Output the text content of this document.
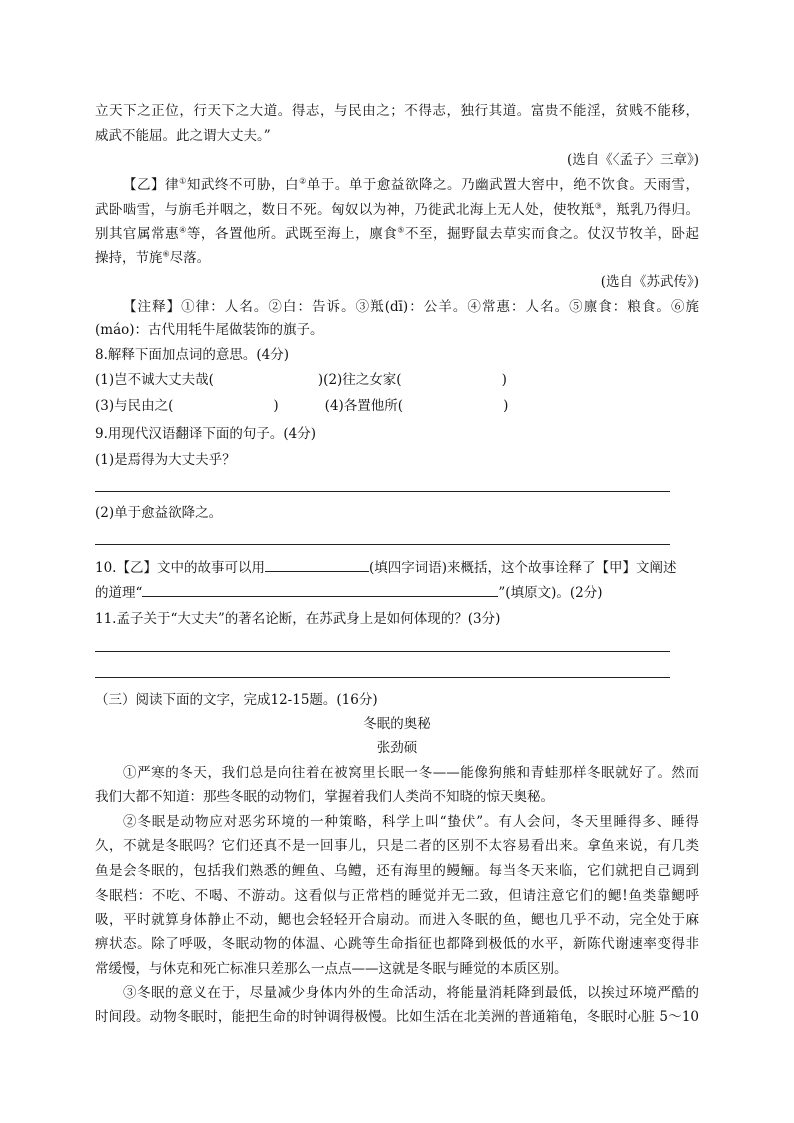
立天下之正位，行天下之大道。得志，与民由之；不得志，独行其道。富贵不能淫，贫贱不能移，
威武不能屈。此之谓大丈夫。”
(选自《〈孟子〉三章》)
【乙】律①知武终不可胁，白②单于。单于愈益欲降之。乃幽武置大窖中，绝不饮食。天雨雪，
武卧啮雪，与旃毛并咽之，数日不死。匈奴以为神，乃徙武北海上无人处，使牧羝③，羝乳乃得归。
别其官属常惠④等，各置他所。武既至海上，廪食⑤不至，掘野鼠去草实而食之。仗汉节牧羊，卧起
操持，节旄⑥尽落。
(选自《苏武传》)
【注释】①律：人名。②白：告诉。③羝(dī)：公羊。④常惠：人名。⑤廪食：粮食。⑥旄
(máo)：古代用牦牛尾做装饰的旗子。
8.解释下面加点词的意思。(4分)
(1)岂不诚大丈夫哉(	)(2)往之女家(	)
(3)与民由之(	)	(4)各置他所(	)
9.用现代汉语翻译下面的句子。(4分)
(1)是焉得为大丈夫乎？
(2)单于愈益欲降之。
10.【乙】文中的故事可以用	(填四字词语)来概括，这个故事诠释了【甲】文阐述
的道理“	”(填原文)。(2分)
11.孟子关于“大丈夫”的著名论断，在苏武身上是如何体现的？(3分)
（三）阅读下面的文字，完成12-15题。(16分)
冬眠的奥秘
张劲硕
①严寒的冬天，我们总是向往着在被窝里长眠一冬——能像狗熊和青蛙那样冬眠就好了。然而
我们大都不知道：那些冬眠的动物们，掌握着我们人类尚不知晓的惊天奥秘。
②冬眠是动物应对恶劣环境的一种策略，科学上叫“蛰伏”。有人会问，冬天里睡得多、睡得
久，不就是冬眠吗？它们还真不是一回事儿，只是二者的区别不太容易看出来。拿鱼来说，有几类
鱼是会冬眠的，包括我们熟悉的鲤鱼、乌鳢，还有海里的鳗鲡。每当冬天来临，它们就把自己调到
冬眠档：不吃、不喝、不游动。这看似与正常档的睡觉并无二致，但请注意它们的鳃!鱼类靠鳃呼
吸，平时就算身体静止不动，鳃也会轻轻开合扇动。而进入冬眠的鱼，鳃也几乎不动，完全处于麻
痹状态。除了呼吸，冬眠动物的体温、心跳等生命指征也都降到极低的水平，新陈代谢速率变得非
常缓慢，与休克和死亡标准只差那么一点点——这就是冬眠与睡觉的本质区别。
③冬眠的意义在于，尽量减少身体内外的生命活动，将能量消耗降到最低，以挨过环境严酷的
时间段。动物冬眠时，能把生命的时钟调得极慢。比如生活在北美洲的普通箱龟，冬眠时心脏 5～10
